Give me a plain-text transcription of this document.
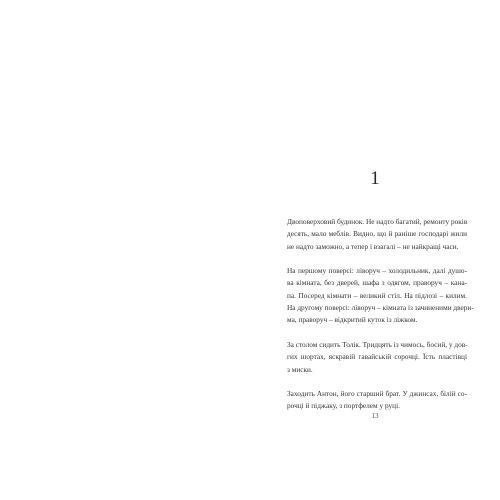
1
Двоповерховий будинок. Не надто багатий, ремонту років
десять, мало меблів. Видно, що й раніше господарі жили
не надто заможно, а тепер і взагалі – не найкращі часи.
На першому поверсі: ліворуч – холодильник, далі душо-
ва кімната, без дверей, шафа з одягом, праворуч – кана-
па. Посеред кімнати – великий стіл. На підлозі – килим.
На другому поверсі: ліворуч – кімната із зачиненими двери-
ма, праворуч – відкритий куток із ліжком.
За столом сидить Толік. Тридцять із чимось, босий, у дов-
гих шортах, яскравій гавайській сорочці. Їсть пластівці
з миски.
Заходить Антон, його старший брат. У джинсах, білій со-
рочці й піджаку, з портфелем у руці.
13
